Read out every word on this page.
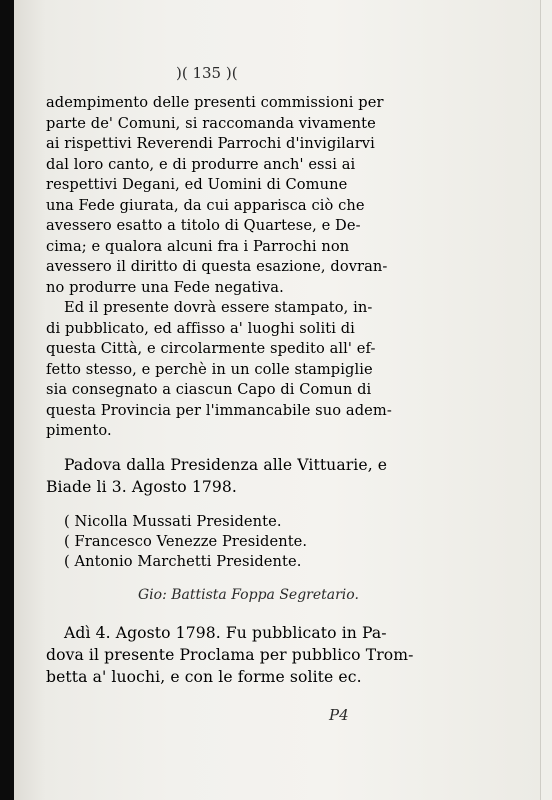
)( 135 )(
adempimento delle presenti commissioni per
parte de' Comuni, si raccomanda vivamente
ai rispettivi Reverendi Parrochi d'invigilarvi
dal loro canto, e di produrre anch' essi ai
respettivi Degani, ed Uomini di Comune
una Fede giurata, da cui apparisca ciò che
avessero esatto a titolo di Quartese, e De-
cima; e qualora alcuni fra i Parrochi non
avessero il diritto di questa esazione, dovran-
no produrre una Fede negativa.
Ed il presente dovrà essere stampato, in-
di pubblicato, ed affisso a' luoghi soliti di
questa Città, e circolarmente spedito all' ef-
fetto stesso, e perchè in un colle stampiglie
sia consegnato a ciascun Capo di Comun di
questa Provincia per l'immancabile suo adem-
pimento.
Padova dalla Presidenza alle Vittuarie, e
Biade li 3. Agosto 1798.
( Nicolla Mussati Presidente.
( Francesco Venezze Presidente.
( Antonio Marchetti Presidente.
Gio: Battista Foppa Segretario.
Adì 4. Agosto 1798. Fu pubblicato in Pa-
dova il presente Proclama per pubblico Trom-
betta a' luochi, e con le forme solite ec.
P4
